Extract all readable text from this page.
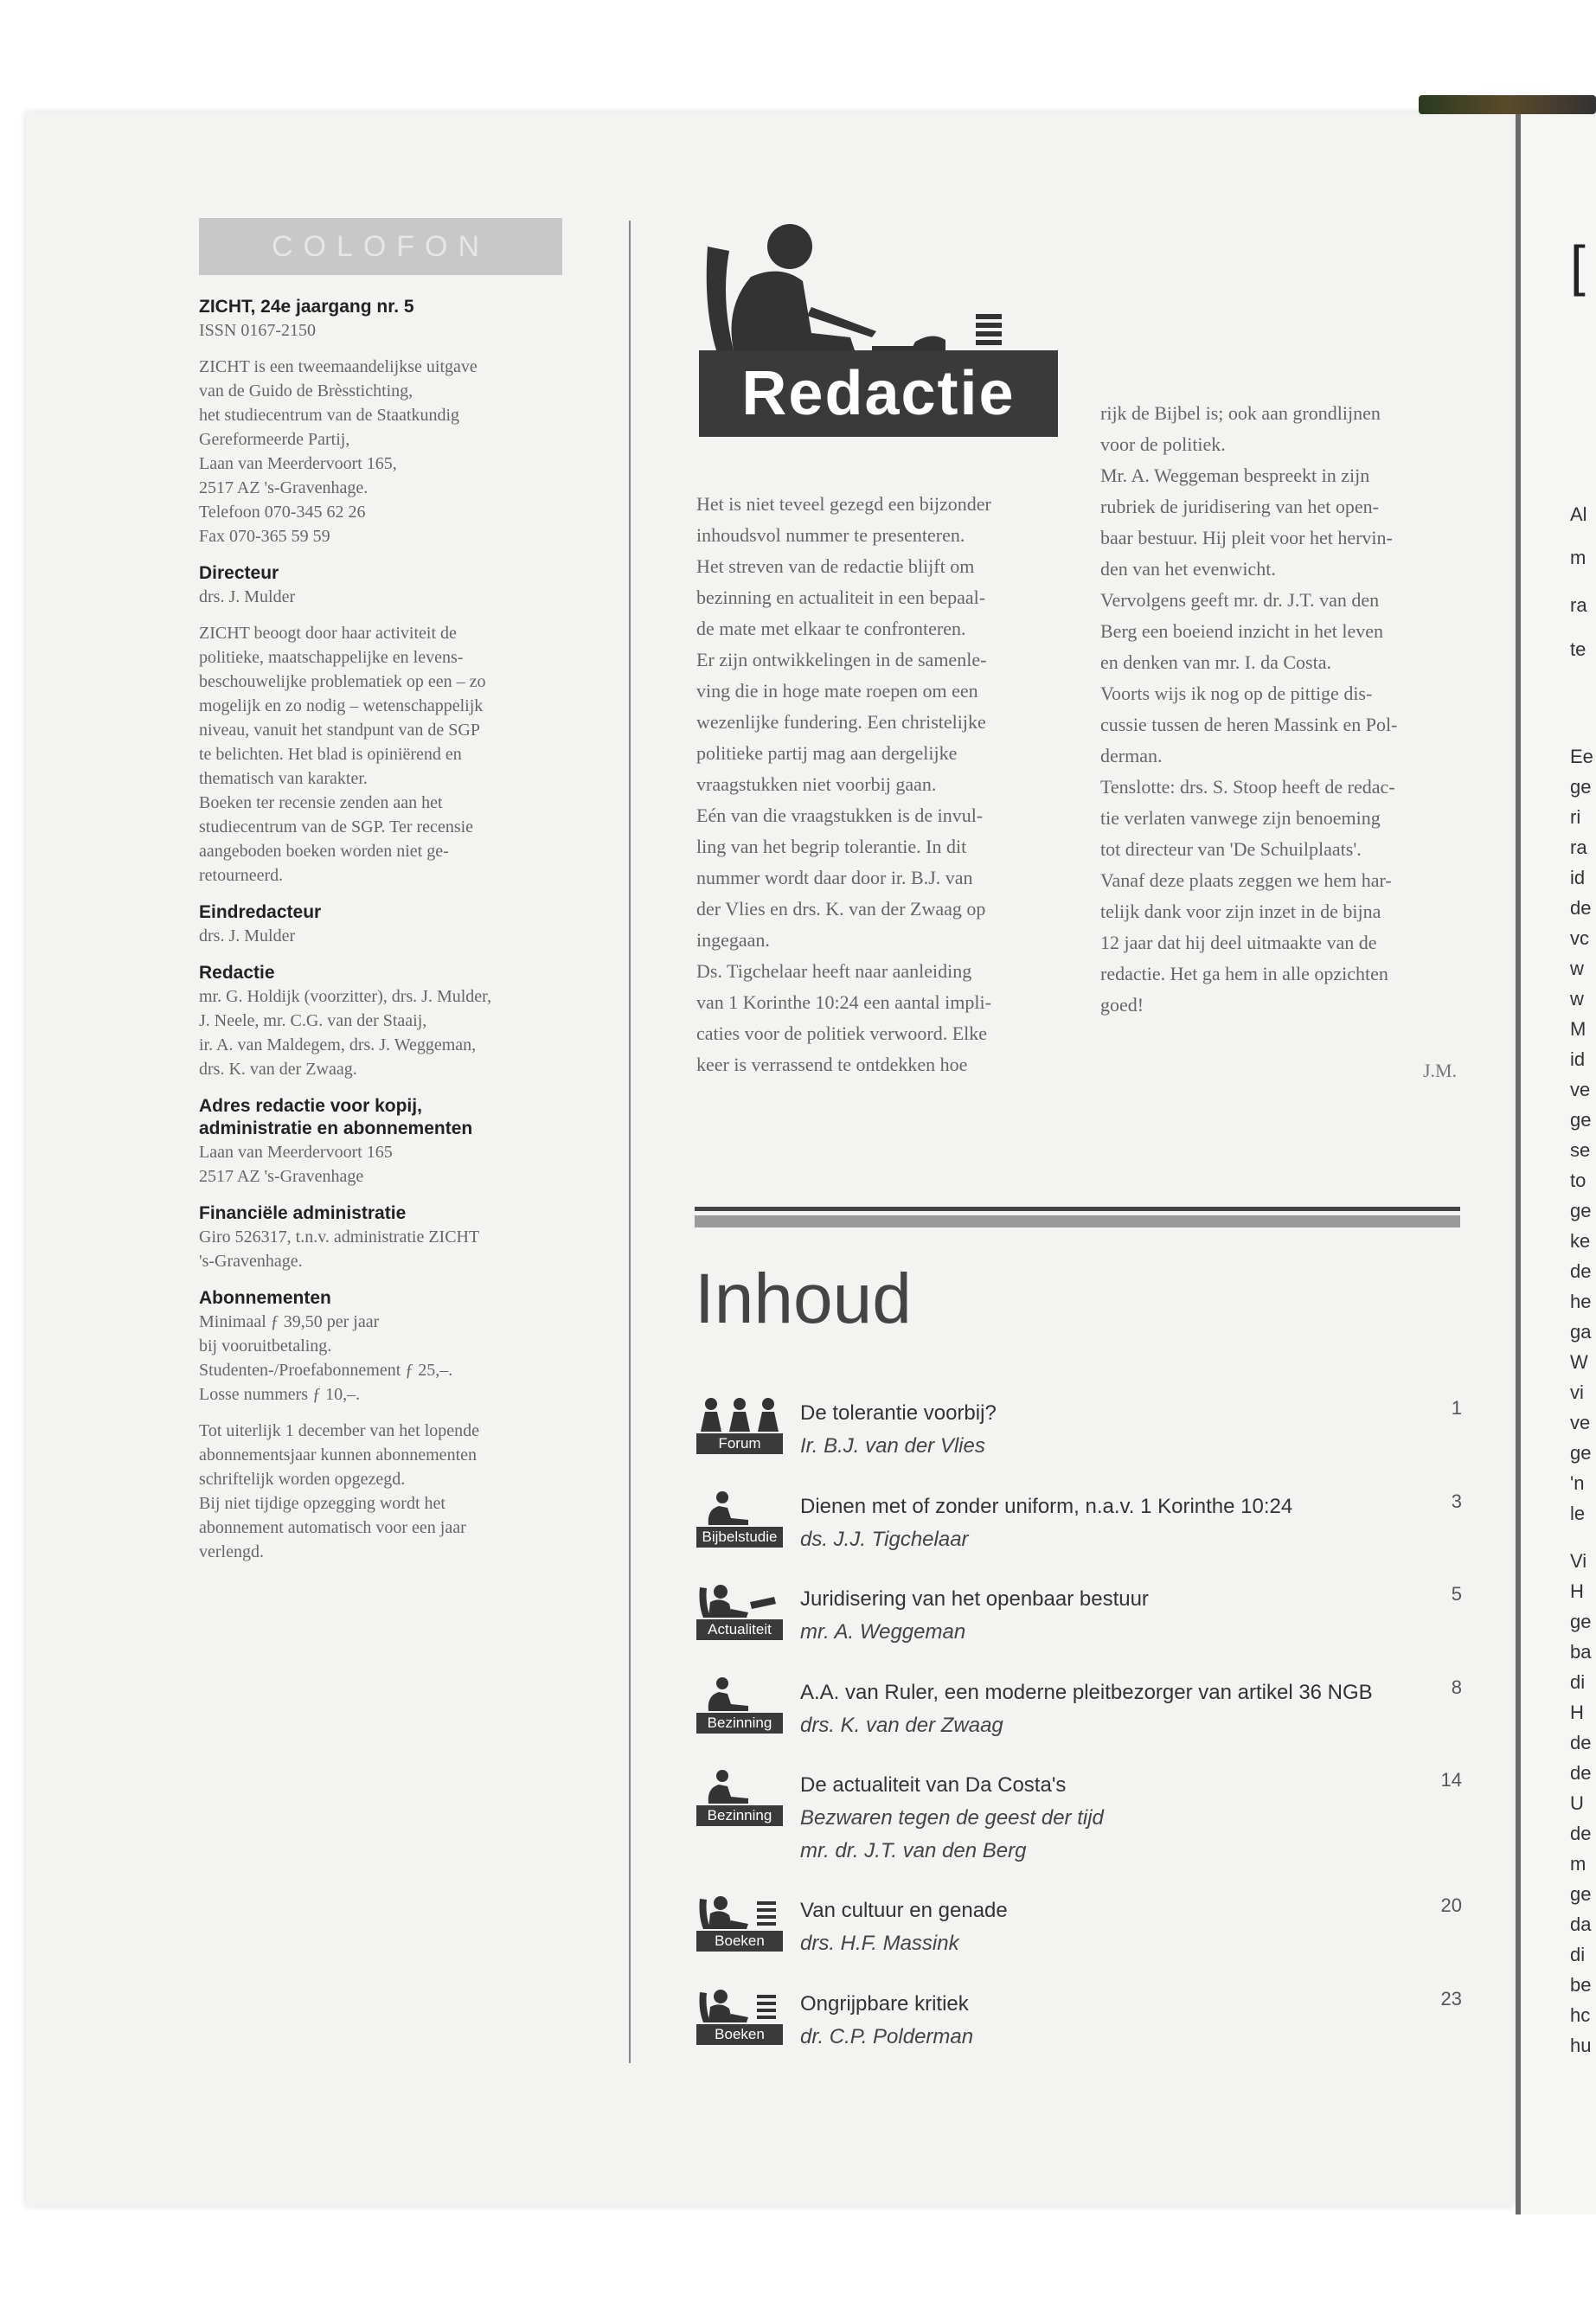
[
Al
m
ra
te
Ee
ge
ri
ra
id
de
vc
w
w
M
id
ve
ge
se
to
ge
ke
de
he
ga
W
vi
ve
ge
'n
le
Vi
H
ge
ba
di
H
de
de
U
de
m
ge
da
di
be
hc
hu
COLOFON
ZICHT, 24e jaargang nr. 5
ISSN 0167-2150
ZICHT is een tweemaandelijkse uitgave
van de Guido de Brèsstichting,
het studiecentrum van de Staatkundig
Gereformeerde Partij,
Laan van Meerdervoort 165,
2517 AZ 's-Gravenhage.
Telefoon 070-345 62 26
Fax 070-365 59 59
Directeur
drs. J. Mulder
ZICHT beoogt door haar activiteit de
politieke, maatschappelijke en levens-
beschouwelijke problematiek op een – zo
mogelijk en zo nodig – wetenschappelijk
niveau, vanuit het standpunt van de SGP
te belichten. Het blad is opiniërend en
thematisch van karakter.
Boeken ter recensie zenden aan het
studiecentrum van de SGP. Ter recensie
aangeboden boeken worden niet ge-
retourneerd.
Eindredacteur
drs. J. Mulder
Redactie
mr. G. Holdijk (voorzitter), drs. J. Mulder,
J. Neele, mr. C.G. van der Staaij,
ir. A. van Maldegem, drs. J. Weggeman,
drs. K. van der Zwaag.
Adres redactie voor kopij,
administratie en abonnementen
Laan van Meerdervoort 165
2517 AZ 's-Gravenhage
Financiële administratie
Giro 526317, t.n.v. administratie ZICHT
's-Gravenhage.
Abonnementen
Minimaal ƒ 39,50 per jaar
bij vooruitbetaling.
Studenten-/Proefabonnement ƒ 25,–.
Losse nummers ƒ 10,–.
Tot uiterlijk 1 december van het lopende
abonnementsjaar kunnen abonnementen
schriftelijk worden opgezegd.
Bij niet tijdige opzegging wordt het
abonnement automatisch voor een jaar
verlengd.
Redactie

Het is niet teveel gezegd een bijzonder

inhoudsvol nummer te presenteren.

Het streven van de redactie blijft om

bezinning en actualiteit in een bepaal-

de mate met elkaar te confronteren.

Er zijn ontwikkelingen in de samenle-

ving die in hoge mate roepen om een

wezenlijke fundering. Een christelijke

politieke partij mag aan dergelijke

vraagstukken niet voorbij gaan.

Eén van die vraagstukken is de invul-

ling van het begrip tolerantie. In dit

nummer wordt daar door ir. B.J. van

der Vlies en drs. K. van der Zwaag op

ingegaan.

Ds. Tigchelaar heeft naar aanleiding

van 1 Korinthe 10:24 een aantal impli-

caties voor de politiek verwoord. Elke

keer is verrassend te ontdekken hoe

rijk de Bijbel is; ook aan grondlijnen

voor de politiek.

Mr. A. Weggeman bespreekt in zijn

rubriek de juridisering van het open-

baar bestuur. Hij pleit voor het hervin-

den van het evenwicht.

Vervolgens geeft mr. dr. J.T. van den

Berg een boeiend inzicht in het leven

en denken van mr. I. da Costa.

Voorts wijs ik nog op de pittige dis-

cussie tussen de heren Massink en Pol-

derman.

Tenslotte: drs. S. Stoop heeft de redac-

tie verlaten vanwege zijn benoeming

tot directeur van 'De Schuilplaats'.

Vanaf deze plaats zeggen we hem har-

telijk dank voor zijn inzet in de bijna

12 jaar dat hij deel uitmaakte van de

redactie. Het ga hem in alle opzichten

goed!

J.M.
Inhoud
Forum
De tolerantie voorbij?
Ir. B.J. van der Vlies
1
Bijbelstudie
Dienen met of zonder uniform, n.a.v. 1 Korinthe 10:24
ds. J.J. Tigchelaar
3
Actualiteit
Juridisering van het openbaar bestuur
mr. A. Weggeman
5
Bezinning
A.A. van Ruler, een moderne pleitbezorger van artikel 36 NGB
drs. K. van der Zwaag
8
Bezinning
De actualiteit van Da Costa's
Bezwaren tegen de geest der tijd
mr. dr. J.T. van den Berg
14
Boeken
Van cultuur en genade
drs. H.F. Massink
20
Boeken
Ongrijpbare kritiek
dr. C.P. Polderman
23
